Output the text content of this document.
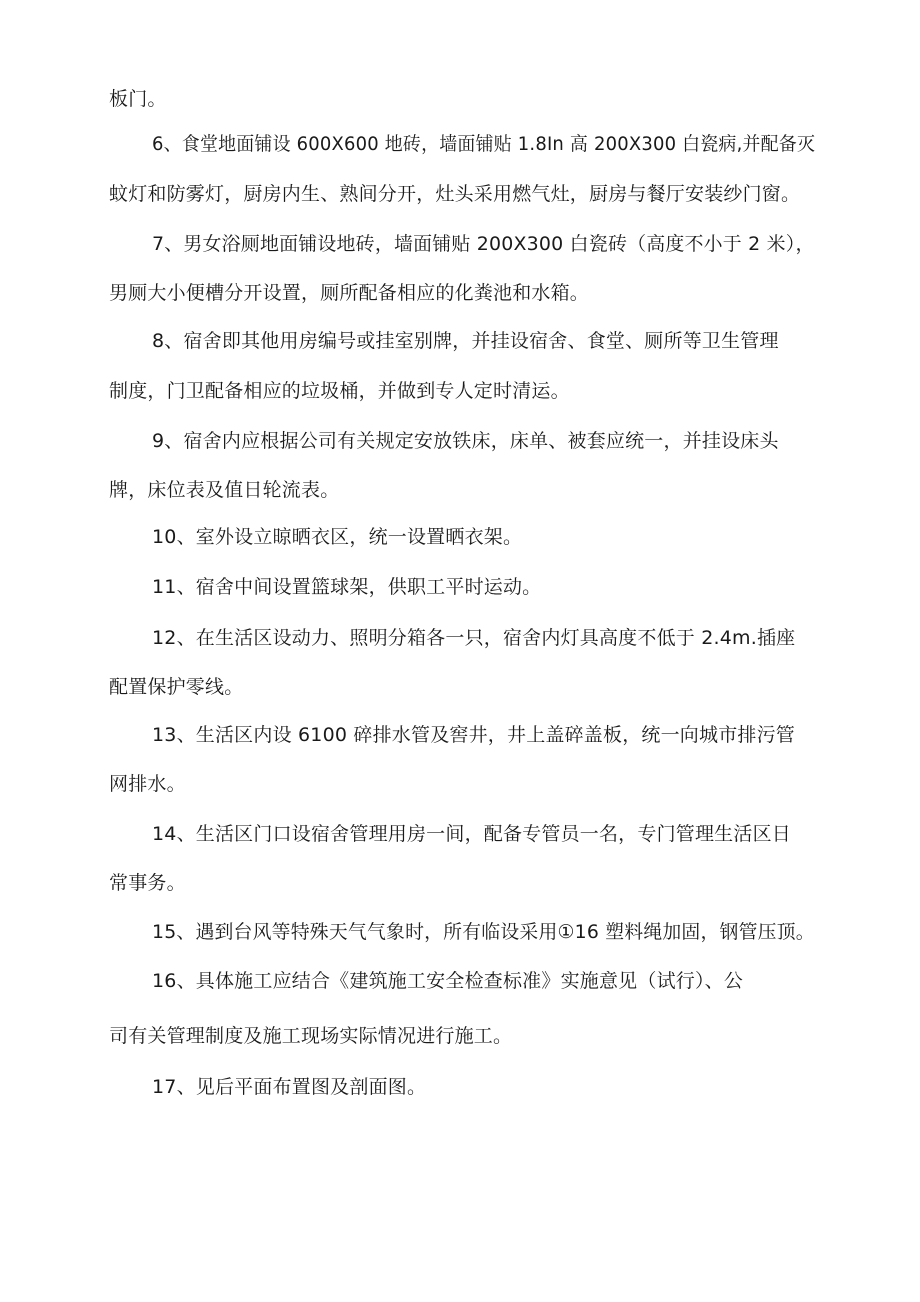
板门。
6、食堂地面铺设 600X600 地砖，墙面铺贴 1.8In 高 200X300 白瓷病,并配备灭
蚊灯和防雾灯，厨房内生、熟间分开，灶头采用燃气灶，厨房与餐厅安装纱门窗。
7、男女浴厕地面铺设地砖，墙面铺贴 200X300 白瓷砖（高度不小于 2 米），
男厕大小便槽分开设置，厕所配备相应的化粪池和水箱。
8、宿舍即其他用房编号或挂室别牌，并挂设宿舍、食堂、厕所等卫生管理
制度，门卫配备相应的垃圾桶，并做到专人定时清运。
9、宿舍内应根据公司有关规定安放铁床，床单、被套应统一，并挂设床头
牌，床位表及值日轮流表。
10、室外设立晾晒衣区，统一设置晒衣架。
11、宿舍中间设置篮球架，供职工平时运动。
12、在生活区设动力、照明分箱各一只，宿舍内灯具高度不低于 2.4m.插座
配置保护零线。
13、生活区内设 6100 碎排水管及窖井，井上盖碎盖板，统一向城市排污管
网排水。
14、生活区门口设宿舍管理用房一间，配备专管员一名，专门管理生活区日
常事务。
15、遇到台风等特殊天气气象时，所有临设采用①16 塑料绳加固，钢管压顶。
16、具体施工应结合《建筑施工安全检查标准》实施意见（试行）、公
司有关管理制度及施工现场实际情况进行施工。
17、见后平面布置图及剖面图。
